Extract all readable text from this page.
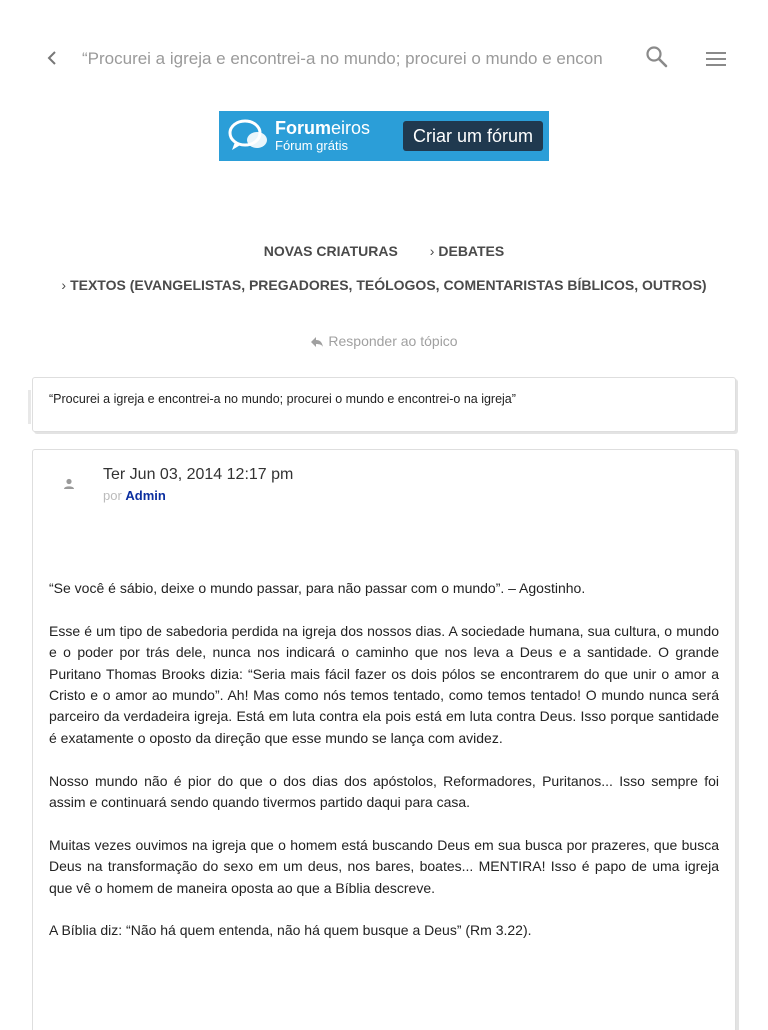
“Procurei a igreja e encontrei-a no mundo; procurei o mundo e encon
Forumeiros
Fórum grátis	Criar um fórum
NOVAS CRIATURAS › DEBATES
› TEXTOS (EVANGELISTAS, PREGADORES, TEÓLOGOS, COMENTARISTAS BÍBLICOS, OUTROS)
Responder ao tópico
“Procurei a igreja e encontrei-a no mundo; procurei o mundo e encontrei-o na igreja”
Ter Jun 03, 2014 12:17 pm
por Admin

“Se você é sábio, deixe o mundo passar, para não passar com o mundo”. – Agostinho.

Esse é um tipo de sabedoria perdida na igreja dos nossos dias. A sociedade humana, sua cultura, o mundo e o poder por trás dele, nunca nos indicará o caminho que nos leva a Deus e a santidade. O grande Puritano Thomas Brooks dizia: “Seria mais fácil fazer os dois pólos se encontrarem do que unir o amor a Cristo e o amor ao mundo”. Ah! Mas como nós temos tentado, como temos tentado! O mundo nunca será parceiro da verdadeira igreja. Está em luta contra ela pois está em luta contra Deus. Isso porque santidade é exatamente o oposto da direção que esse mundo se lança com avidez.

Nosso mundo não é pior do que o dos dias dos apóstolos, Reformadores, Puritanos... Isso sempre foi assim e continuará sendo quando tivermos partido daqui para casa.

Muitas vezes ouvimos na igreja que o homem está buscando Deus em sua busca por prazeres, que busca Deus na transformação do sexo em um deus, nos bares, boates... MENTIRA! Isso é papo de uma igreja que vê o homem de maneira oposta ao que a Bíblia descreve.

A Bíblia diz: “Não há quem entenda, não há quem busque a Deus” (Rm 3.22).
